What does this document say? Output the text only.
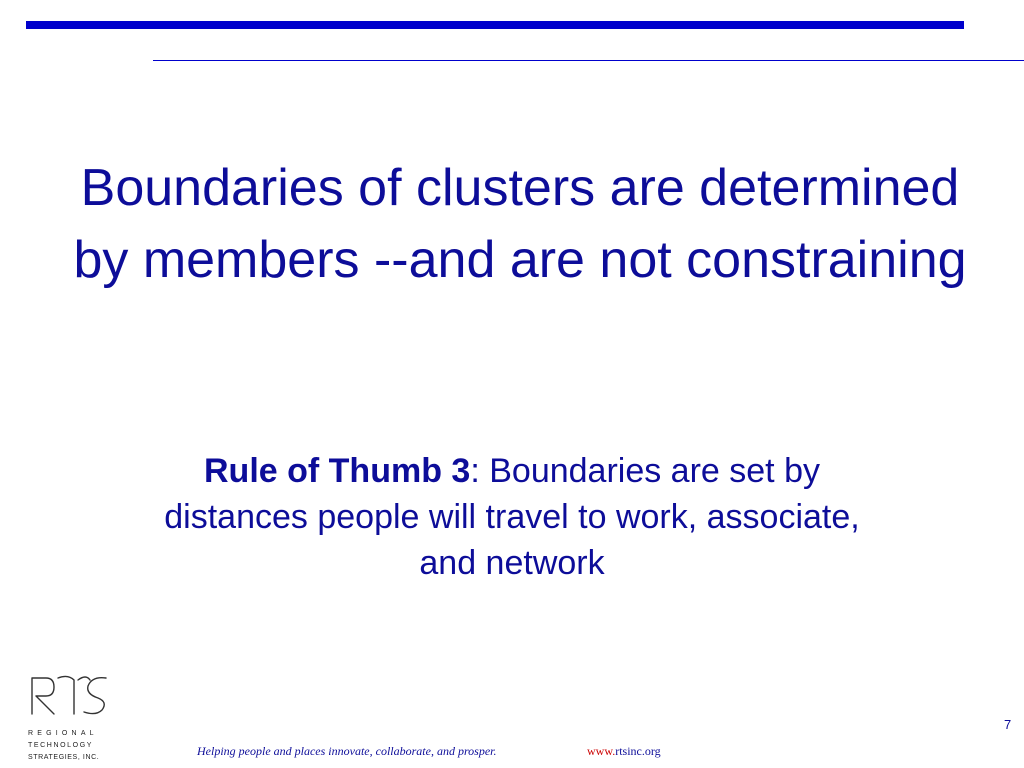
Boundaries of clusters are determined by members --and are not constraining
Rule of Thumb 3: Boundaries are set by distances people will travel to work, associate, and network
REGIONAL
TECHNOLOGY
STRATEGIES, INC.	Helping people and places innovate, collaborate, and prosper.	www.rtsinc.org
7
